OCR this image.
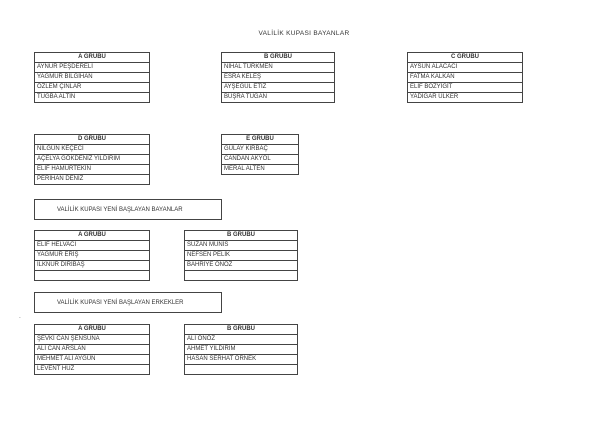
VALİLİK KUPASI BAYANLAR
A GRUBU
AYNUR PEŞDERELİ
YAĞMUR BİLGİHAN
ÖZLEM ÇINLAR
TUĞBA ALTIN
B GRUBU
NİHAL TÜRKMEN
ESRA KELEŞ
AYŞEGÜL ETİZ
BÜŞRA TUĞAN
C GRUBU
AYSUN ALACACI
FATMA KALKAN
ELİF BOZYİĞİT
YADİGAR ÜLKER
D GRUBU
NİLGÜN KEÇECİ
AÇELYA GÖKDENİZ YILDIRIM
ELİF HAMURTEKİN
PERİHAN DENİZ
E GRUBU
GÜLAY KIRBAÇ
CANDAN AKYOL
MERAL ALTEN
VALİLİK KUPASI YENİ BAŞLAYAN BAYANLAR
A GRUBU
ELİF HELVACI
YAĞMUR ERİŞ
İLKNUR DİRİBAŞ
B GRUBU
SUZAN MUNİS
NEFSEN PELİK
BAHRİYE ÖNÖZ
VALİLİK KUPASI YENİ BAŞLAYAN ERKEKLER
-
A GRUBU
ŞEVKİ CAN ŞENSUNA
ALİ CAN ARSLAN
MEHMET ALİ AYGÜN
LEVENT HUZ
B GRUBU
ALİ ÖNÖZ
AHMET YILDIRIM
HASAN SERHAT ÖRNEK
